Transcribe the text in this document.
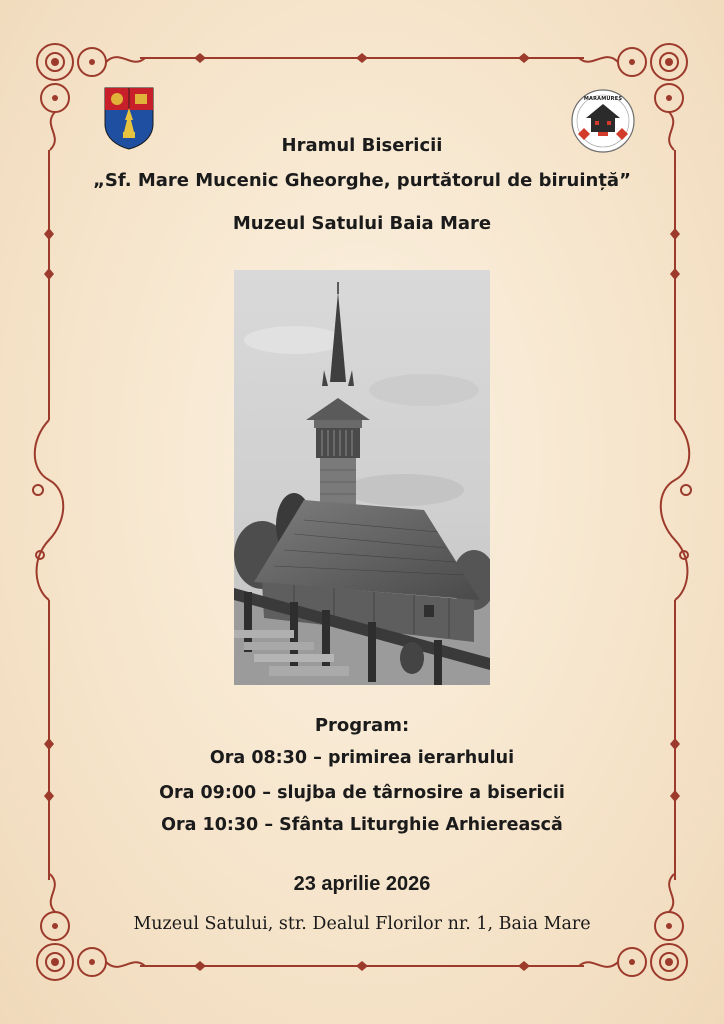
MARAMUREȘ
Hramul Bisericii
„Sf. Mare Mucenic Gheorghe, purtătorul de biruință”
Muzeul Satului Baia Mare
Program:
Ora 08:30 – primirea ierarhului
Ora 09:00 – slujba de târnosire a bisericii
Ora 10:30 – Sfânta Liturghie Arhierească
23 aprilie 2026
Muzeul Satului, str. Dealul Florilor nr. 1, Baia Mare
